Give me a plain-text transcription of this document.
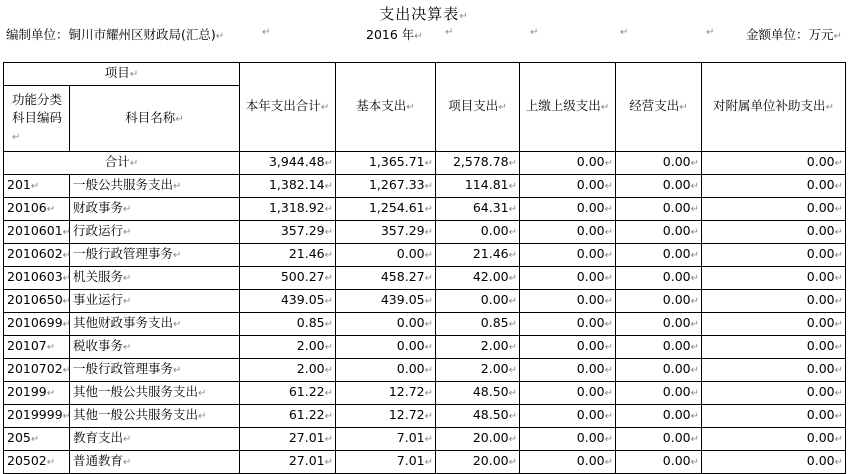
支出决算表↵
编制单位：铜川市耀州区财政局(汇总)↵	↵	2016 年↵ ↵	↵	↵	↵	金额单位：万元↵
项目↵		本年支出合计↵	基本支出↵	项目支出↵	上缴上级支出↵	经营支出↵	对附属单位补助支出↵
功能分类科目编码↵	科目名称↵						
合计↵		3,944.48↵	1,365.71↵	2,578.78↵	0.00↵	0.00↵	0.00↵
201↵	一般公共服务支出↵	1,382.14↵	1,267.33↵	114.81↵	0.00↵	0.00↵	0.00↵
20106↵	财政事务↵	1,318.92↵	1,254.61↵	64.31↵	0.00↵	0.00↵	0.00↵
2010601↵	行政运行↵	357.29↵	357.29↵	0.00↵	0.00↵	0.00↵	0.00↵
2010602↵	一般行政管理事务↵	21.46↵	0.00↵	21.46↵	0.00↵	0.00↵	0.00↵
2010603↵	机关服务↵	500.27↵	458.27↵	42.00↵	0.00↵	0.00↵	0.00↵
2010650↵	事业运行↵	439.05↵	439.05↵	0.00↵	0.00↵	0.00↵	0.00↵
2010699↵	其他财政事务支出↵	0.85↵	0.00↵	0.85↵	0.00↵	0.00↵	0.00↵
20107↵	税收事务↵	2.00↵	0.00↵	2.00↵	0.00↵	0.00↵	0.00↵
2010702↵	一般行政管理事务↵	2.00↵	0.00↵	2.00↵	0.00↵	0.00↵	0.00↵
20199↵	其他一般公共服务支出↵	61.22↵	12.72↵	48.50↵	0.00↵	0.00↵	0.00↵
2019999↵	其他一般公共服务支出↵	61.22↵	12.72↵	48.50↵	0.00↵	0.00↵	0.00↵
205↵	教育支出↵	27.01↵	7.01↵	20.00↵	0.00↵	0.00↵	0.00↵
20502↵	普通教育↵	27.01↵	7.01↵	20.00↵	0.00↵	0.00↵	0.00↵
